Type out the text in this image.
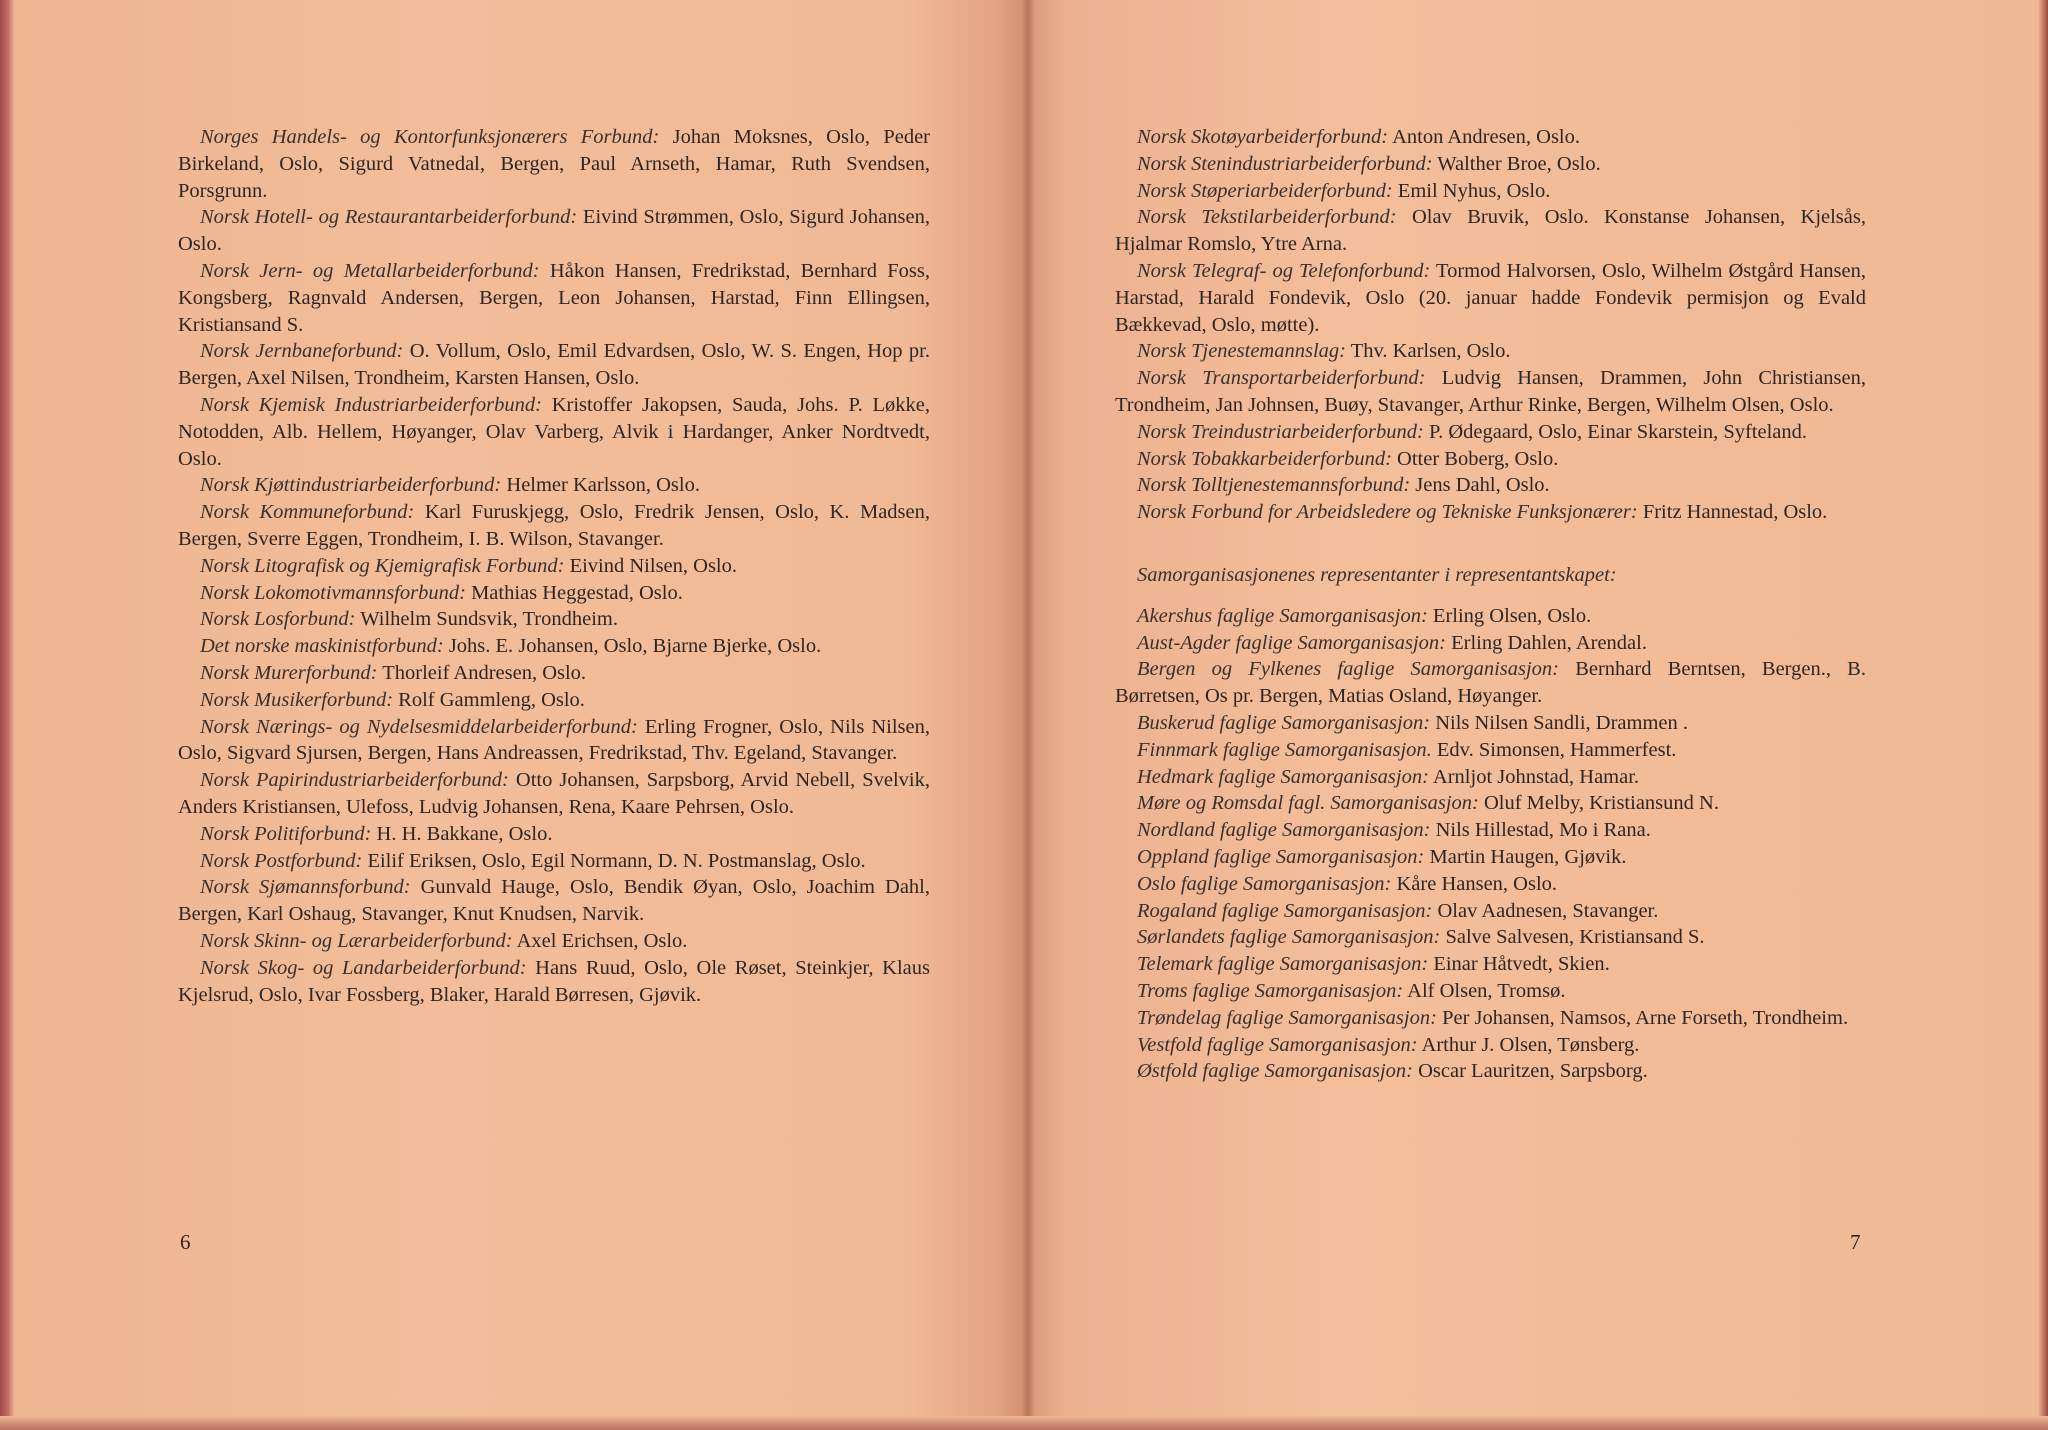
Norges Handels- og Kontorfunksjonærers Forbund: Johan Moksnes, Oslo, Peder Birkeland, Oslo, Sigurd Vatnedal, Bergen, Paul Arnseth, Hamar, Ruth Svendsen, Porsgrunn.

Norsk Hotell- og Restaurantarbeiderforbund: Eivind Strømmen, Oslo, Sigurd Johansen, Oslo.

Norsk Jern- og Metallarbeiderforbund: Håkon Hansen, Fredrikstad, Bernhard Foss, Kongsberg, Ragnvald Andersen, Bergen, Leon Johansen, Harstad, Finn Ellingsen, Kristiansand S.

Norsk Jernbaneforbund: O. Vollum, Oslo, Emil Edvardsen, Oslo, W. S. Engen, Hop pr. Bergen, Axel Nilsen, Trondheim, Karsten Hansen, Oslo.

Norsk Kjemisk Industriarbeiderforbund: Kristoffer Jakopsen, Sauda, Johs. P. Løkke, Notodden, Alb. Hellem, Høyanger, Olav Varberg, Alvik i Hardanger, Anker Nordtvedt, Oslo.

Norsk Kjøttindustriarbeiderforbund: Helmer Karlsson, Oslo.

Norsk Kommuneforbund: Karl Furuskjegg, Oslo, Fredrik Jensen, Oslo, K. Madsen, Bergen, Sverre Eggen, Trondheim, I. B. Wilson, Stavanger.

Norsk Litografisk og Kjemigrafisk Forbund: Eivind Nilsen, Oslo.

Norsk Lokomotivmannsforbund: Mathias Heggestad, Oslo.

Norsk Losforbund: Wilhelm Sundsvik, Trondheim.

Det norske maskinistforbund: Johs. E. Johansen, Oslo, Bjarne Bjerke, Oslo.

Norsk Murerforbund: Thorleif Andresen, Oslo.

Norsk Musikerforbund: Rolf Gammleng, Oslo.

Norsk Nærings- og Nydelsesmiddelarbeiderforbund: Erling Frogner, Oslo, Nils Nilsen, Oslo, Sigvard Sjursen, Bergen, Hans Andreassen, Fredrikstad, Thv. Egeland, Stavanger.

Norsk Papirindustriarbeiderforbund: Otto Johansen, Sarpsborg, Arvid Nebell, Svelvik, Anders Kristiansen, Ulefoss, Ludvig Johansen, Rena, Kaare Pehrsen, Oslo.

Norsk Politiforbund: H. H. Bakkane, Oslo.

Norsk Postforbund: Eilif Eriksen, Oslo, Egil Normann, D. N. Postmanslag, Oslo.

Norsk Sjømannsforbund: Gunvald Hauge, Oslo, Bendik Øyan, Oslo, Joachim Dahl, Bergen, Karl Oshaug, Stavanger, Knut Knudsen, Narvik.

Norsk Skinn- og Lærarbeiderforbund: Axel Erichsen, Oslo.

Norsk Skog- og Landarbeiderforbund: Hans Ruud, Oslo, Ole Røset, Steinkjer, Klaus Kjelsrud, Oslo, Ivar Fossberg, Blaker, Harald Børresen, Gjøvik.

6

Norsk Skotøyarbeiderforbund: Anton Andresen, Oslo.

Norsk Stenindustriarbeiderforbund: Walther Broe, Oslo.

Norsk Støperiarbeiderforbund: Emil Nyhus, Oslo.

Norsk Tekstilarbeiderforbund: Olav Bruvik, Oslo. Konstanse Johansen, Kjelsås, Hjalmar Romslo, Ytre Arna.

Norsk Telegraf- og Telefonforbund: Tormod Halvorsen, Oslo, Wilhelm Østgård Hansen, Harstad, Harald Fondevik, Oslo (20. januar hadde Fondevik permisjon og Evald Bækkevad, Oslo, møtte).

Norsk Tjenestemannslag: Thv. Karlsen, Oslo.

Norsk Transportarbeiderforbund: Ludvig Hansen, Drammen, John Christiansen, Trondheim, Jan Johnsen, Buøy, Stavanger, Arthur Rinke, Bergen, Wilhelm Olsen, Oslo.

Norsk Treindustriarbeiderforbund: P. Ødegaard, Oslo, Einar Skarstein, Syfteland.

Norsk Tobakkarbeiderforbund: Otter Boberg, Oslo.

Norsk Tolltjenestemannsforbund: Jens Dahl, Oslo.

Norsk Forbund for Arbeidsledere og Tekniske Funksjonærer: Fritz Hannestad, Oslo.

Samorganisasjonenes representanter i representantskapet:

Akershus faglige Samorganisasjon: Erling Olsen, Oslo.

Aust-Agder faglige Samorganisasjon: Erling Dahlen, Arendal.

Bergen og Fylkenes faglige Samorganisasjon: Bernhard Berntsen, Bergen., B. Børretsen, Os pr. Bergen, Matias Osland, Høyanger.

Buskerud faglige Samorganisasjon: Nils Nilsen Sandli, Drammen .

Finnmark faglige Samorganisasjon. Edv. Simonsen, Hammerfest.

Hedmark faglige Samorganisasjon: Arnljot Johnstad, Hamar.

Møre og Romsdal fagl. Samorganisasjon: Oluf Melby, Kristiansund N.

Nordland faglige Samorganisasjon: Nils Hillestad, Mo i Rana.

Oppland faglige Samorganisasjon: Martin Haugen, Gjøvik.

Oslo faglige Samorganisasjon: Kåre Hansen, Oslo.

Rogaland faglige Samorganisasjon: Olav Aadnesen, Stavanger.

Sørlandets faglige Samorganisasjon: Salve Salvesen, Kristiansand S.

Telemark faglige Samorganisasjon: Einar Håtvedt, Skien.

Troms faglige Samorganisasjon: Alf Olsen, Tromsø.

Trøndelag faglige Samorganisasjon: Per Johansen, Namsos, Arne Forseth, Trondheim.

Vestfold faglige Samorganisasjon: Arthur J. Olsen, Tønsberg.

Østfold faglige Samorganisasjon: Oscar Lauritzen, Sarpsborg.

7
